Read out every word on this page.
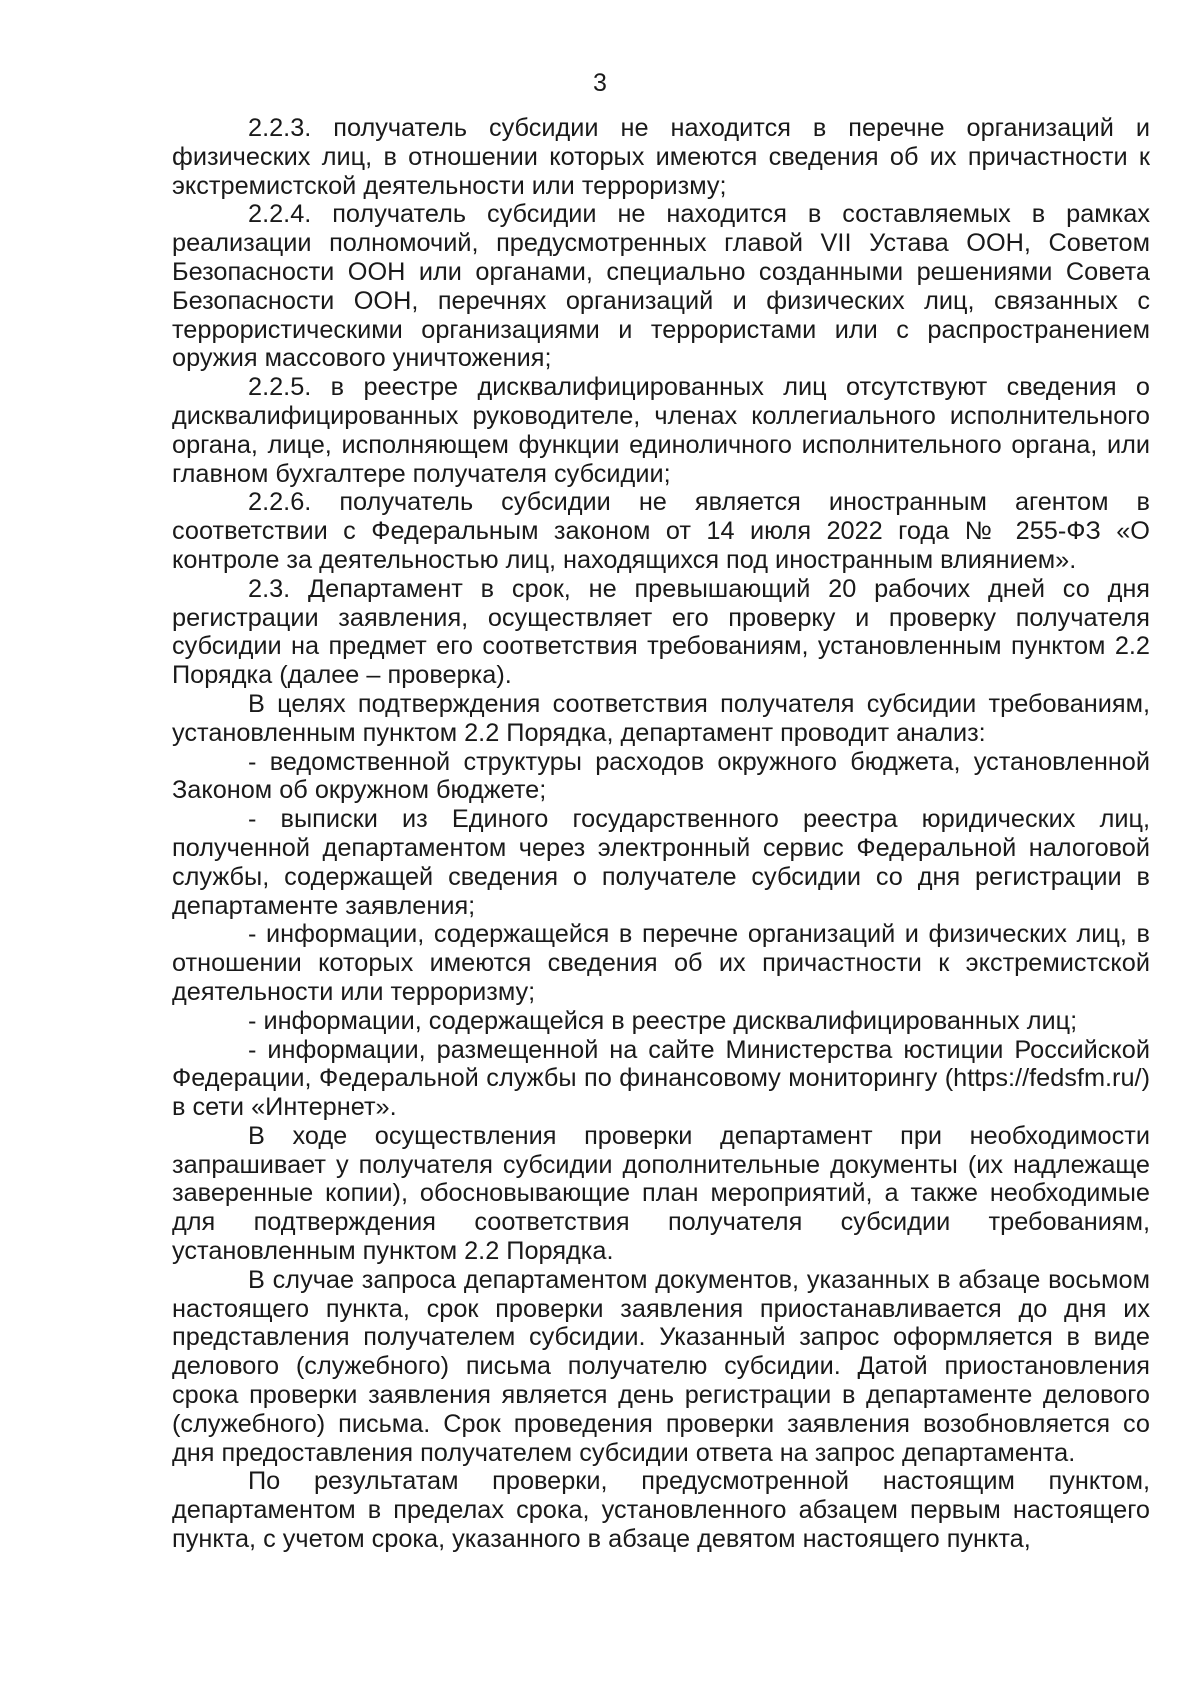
3

2.2.3. получатель субсидии не находится в перечне организаций и физических лиц, в отношении которых имеются сведения об их причастности к экстремистской деятельности или терроризму;

2.2.4. получатель субсидии не находится в составляемых в рамках реализации полномочий, предусмотренных главой VII Устава ООН, Советом Безопасности ООН или органами, специально созданными решениями Совета Безопасности ООН, перечнях организаций и физических лиц, связанных с террористическими организациями и террористами или с распространением оружия массового уничтожения;

2.2.5. в реестре дисквалифицированных лиц отсутствуют сведения о дисквалифицированных руководителе, членах коллегиального исполнительного органа, лице, исполняющем функции единоличного исполнительного органа, или главном бухгалтере получателя субсидии;

2.2.6. получатель субсидии не является иностранным агентом в соответствии с Федеральным законом от 14 июля 2022 года № 255-ФЗ «О контроле за деятельностью лиц, находящихся под иностранным влиянием».

2.3. Департамент в срок, не превышающий 20 рабочих дней со дня регистрации заявления, осуществляет его проверку и проверку получателя субсидии на предмет его соответствия требованиям, установленным пунктом 2.2 Порядка (далее – проверка).

В целях подтверждения соответствия получателя субсидии требованиям, установленным пунктом 2.2 Порядка, департамент проводит анализ:

- ведомственной структуры расходов окружного бюджета, установленной Законом об окружном бюджете;

- выписки из Единого государственного реестра юридических лиц, полученной департаментом через электронный сервис Федеральной налоговой службы, содержащей сведения о получателе субсидии со дня регистрации в департаменте заявления;

- информации, содержащейся в перечне организаций и физических лиц, в отношении которых имеются сведения об их причастности к экстремистской деятельности или терроризму;

- информации, содержащейся в реестре дисквалифицированных лиц;

- информации, размещенной на сайте Министерства юстиции Российской Федерации, Федеральной службы по финансовому мониторингу (https://fedsfm.ru/) в сети «Интернет».

В ходе осуществления проверки департамент при необходимости запрашивает у получателя субсидии дополнительные документы (их надлежаще заверенные копии), обосновывающие план мероприятий, а также необходимые для подтверждения соответствия получателя субсидии требованиям, установленным пунктом 2.2 Порядка.

В случае запроса департаментом документов, указанных в абзаце восьмом настоящего пункта, срок проверки заявления приостанавливается до дня их представления получателем субсидии. Указанный запрос оформляется в виде делового (служебного) письма получателю субсидии. Датой приостановления срока проверки заявления является день регистрации в департаменте делового (служебного) письма. Срок проведения проверки заявления возобновляется со дня предоставления получателем субсидии ответа на запрос департамента.

По результатам проверки, предусмотренной настоящим пунктом, департаментом в пределах срока, установленного абзацем первым настоящего пункта, с учетом срока, указанного в абзаце девятом настоящего пункта,
